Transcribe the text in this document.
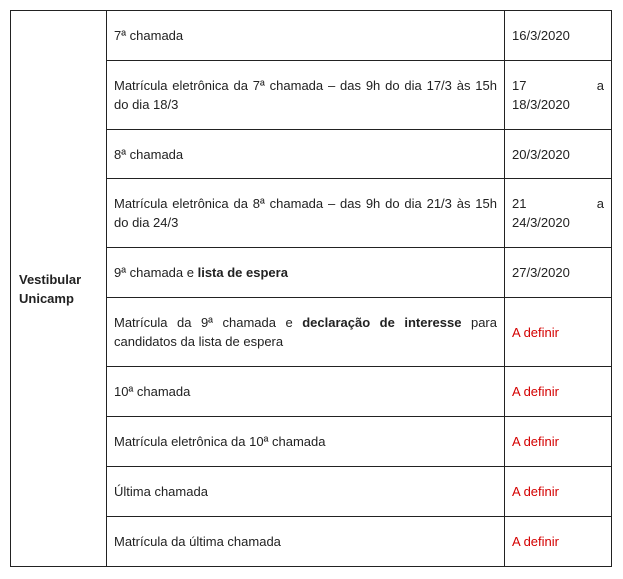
Vestibular
Unicamp	7ª chamada	16/3/2020
	Matrícula eletrônica da 7ª chamada – das 9h do dia 17/3 às 15h do dia 18/3	17 a
18/3/2020
	8ª chamada	20/3/2020
	Matrícula eletrônica da 8ª chamada – das 9h do dia 21/3 às 15h do dia 24/3	21 a
24/3/2020
	9ª chamada e lista de espera	27/3/2020
	Matrícula da 9ª chamada e declaração de interesse para candidatos da lista de espera	A definir
	10ª chamada	A definir
	Matrícula eletrônica da 10ª chamada	A definir
	Última chamada	A definir
	Matrícula da última chamada	A definir
